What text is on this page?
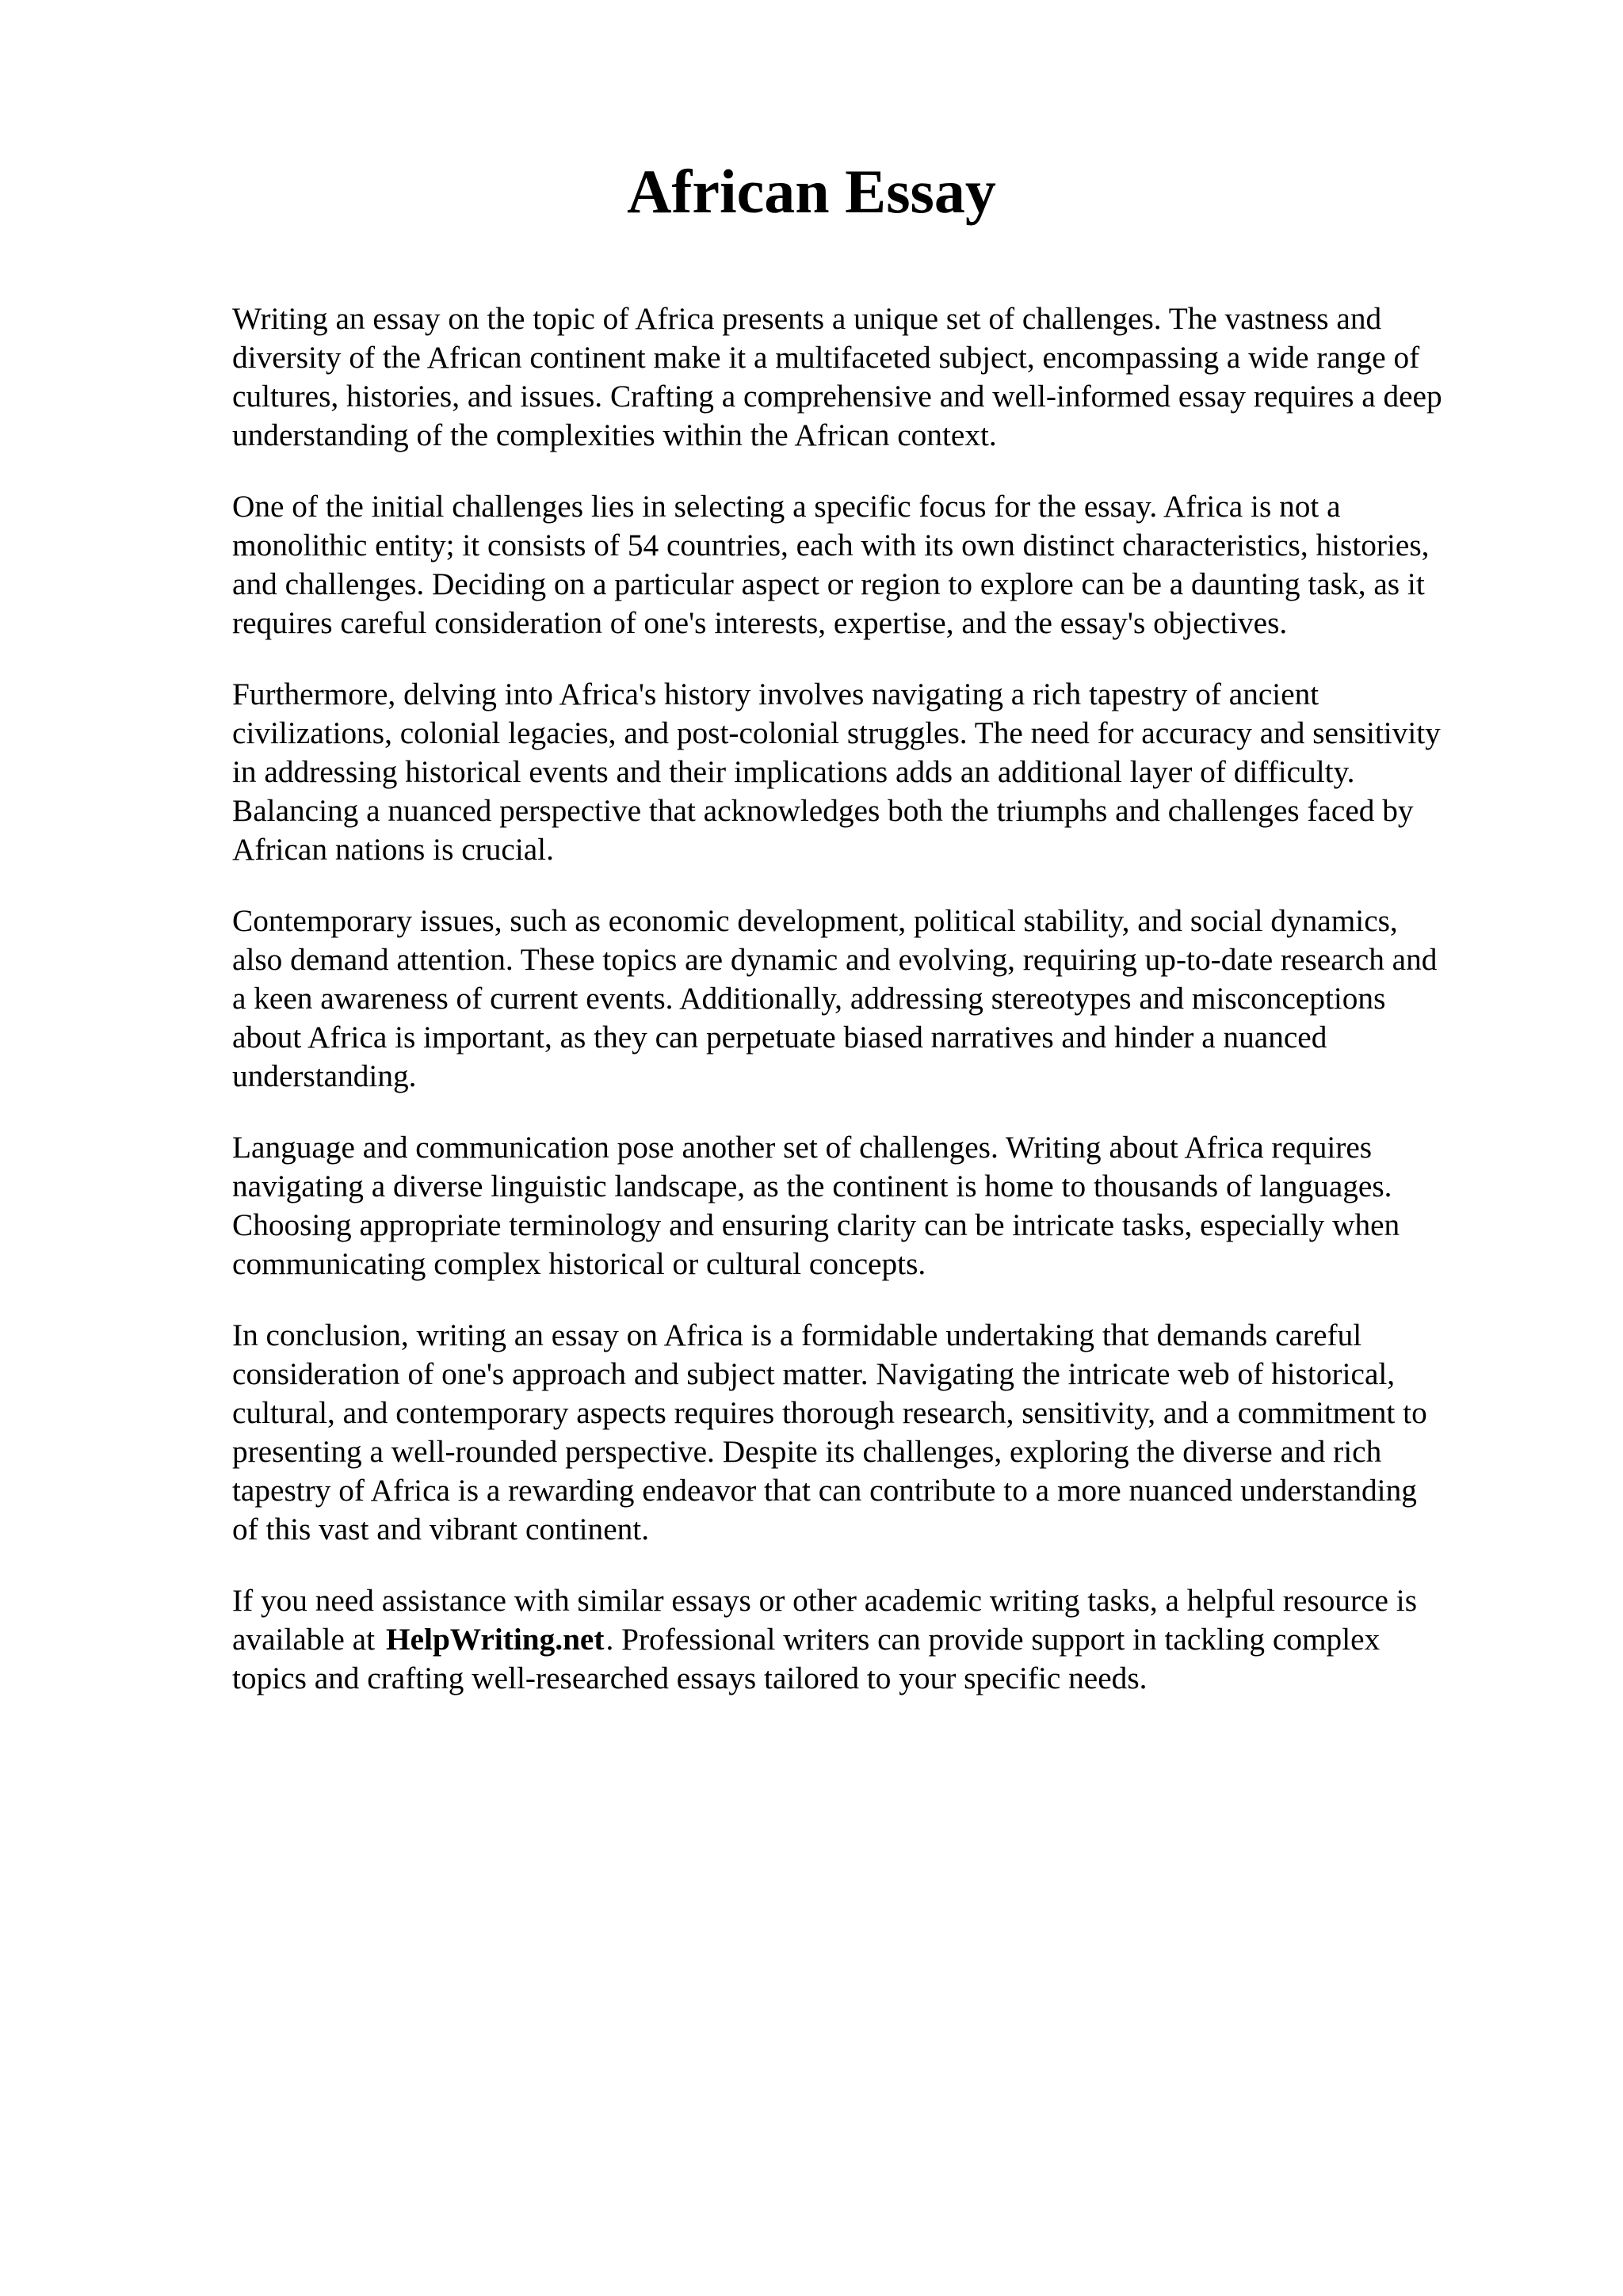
African Essay

Writing an essay on the topic of Africa presents a unique set of challenges. The vastness and
diversity of the African continent make it a multifaceted subject, encompassing a wide range of
cultures, histories, and issues. Crafting a comprehensive and well-informed essay requires a deep
understanding of the complexities within the African context.

One of the initial challenges lies in selecting a specific focus for the essay. Africa is not a
monolithic entity; it consists of 54 countries, each with its own distinct characteristics, histories,
and challenges. Deciding on a particular aspect or region to explore can be a daunting task, as it
requires careful consideration of one's interests, expertise, and the essay's objectives.

Furthermore, delving into Africa's history involves navigating a rich tapestry of ancient
civilizations, colonial legacies, and post-colonial struggles. The need for accuracy and sensitivity
in addressing historical events and their implications adds an additional layer of difficulty.
Balancing a nuanced perspective that acknowledges both the triumphs and challenges faced by
African nations is crucial.

Contemporary issues, such as economic development, political stability, and social dynamics,
also demand attention. These topics are dynamic and evolving, requiring up-to-date research and
a keen awareness of current events. Additionally, addressing stereotypes and misconceptions
about Africa is important, as they can perpetuate biased narratives and hinder a nuanced
understanding.

Language and communication pose another set of challenges. Writing about Africa requires
navigating a diverse linguistic landscape, as the continent is home to thousands of languages.
Choosing appropriate terminology and ensuring clarity can be intricate tasks, especially when
communicating complex historical or cultural concepts.

In conclusion, writing an essay on Africa is a formidable undertaking that demands careful
consideration of one's approach and subject matter. Navigating the intricate web of historical,
cultural, and contemporary aspects requires thorough research, sensitivity, and a commitment to
presenting a well-rounded perspective. Despite its challenges, exploring the diverse and rich
tapestry of Africa is a rewarding endeavor that can contribute to a more nuanced understanding
of this vast and vibrant continent.

If you need assistance with similar essays or other academic writing tasks, a helpful resource is
available at HelpWriting.net. Professional writers can provide support in tackling complex
topics and crafting well-researched essays tailored to your specific needs.
